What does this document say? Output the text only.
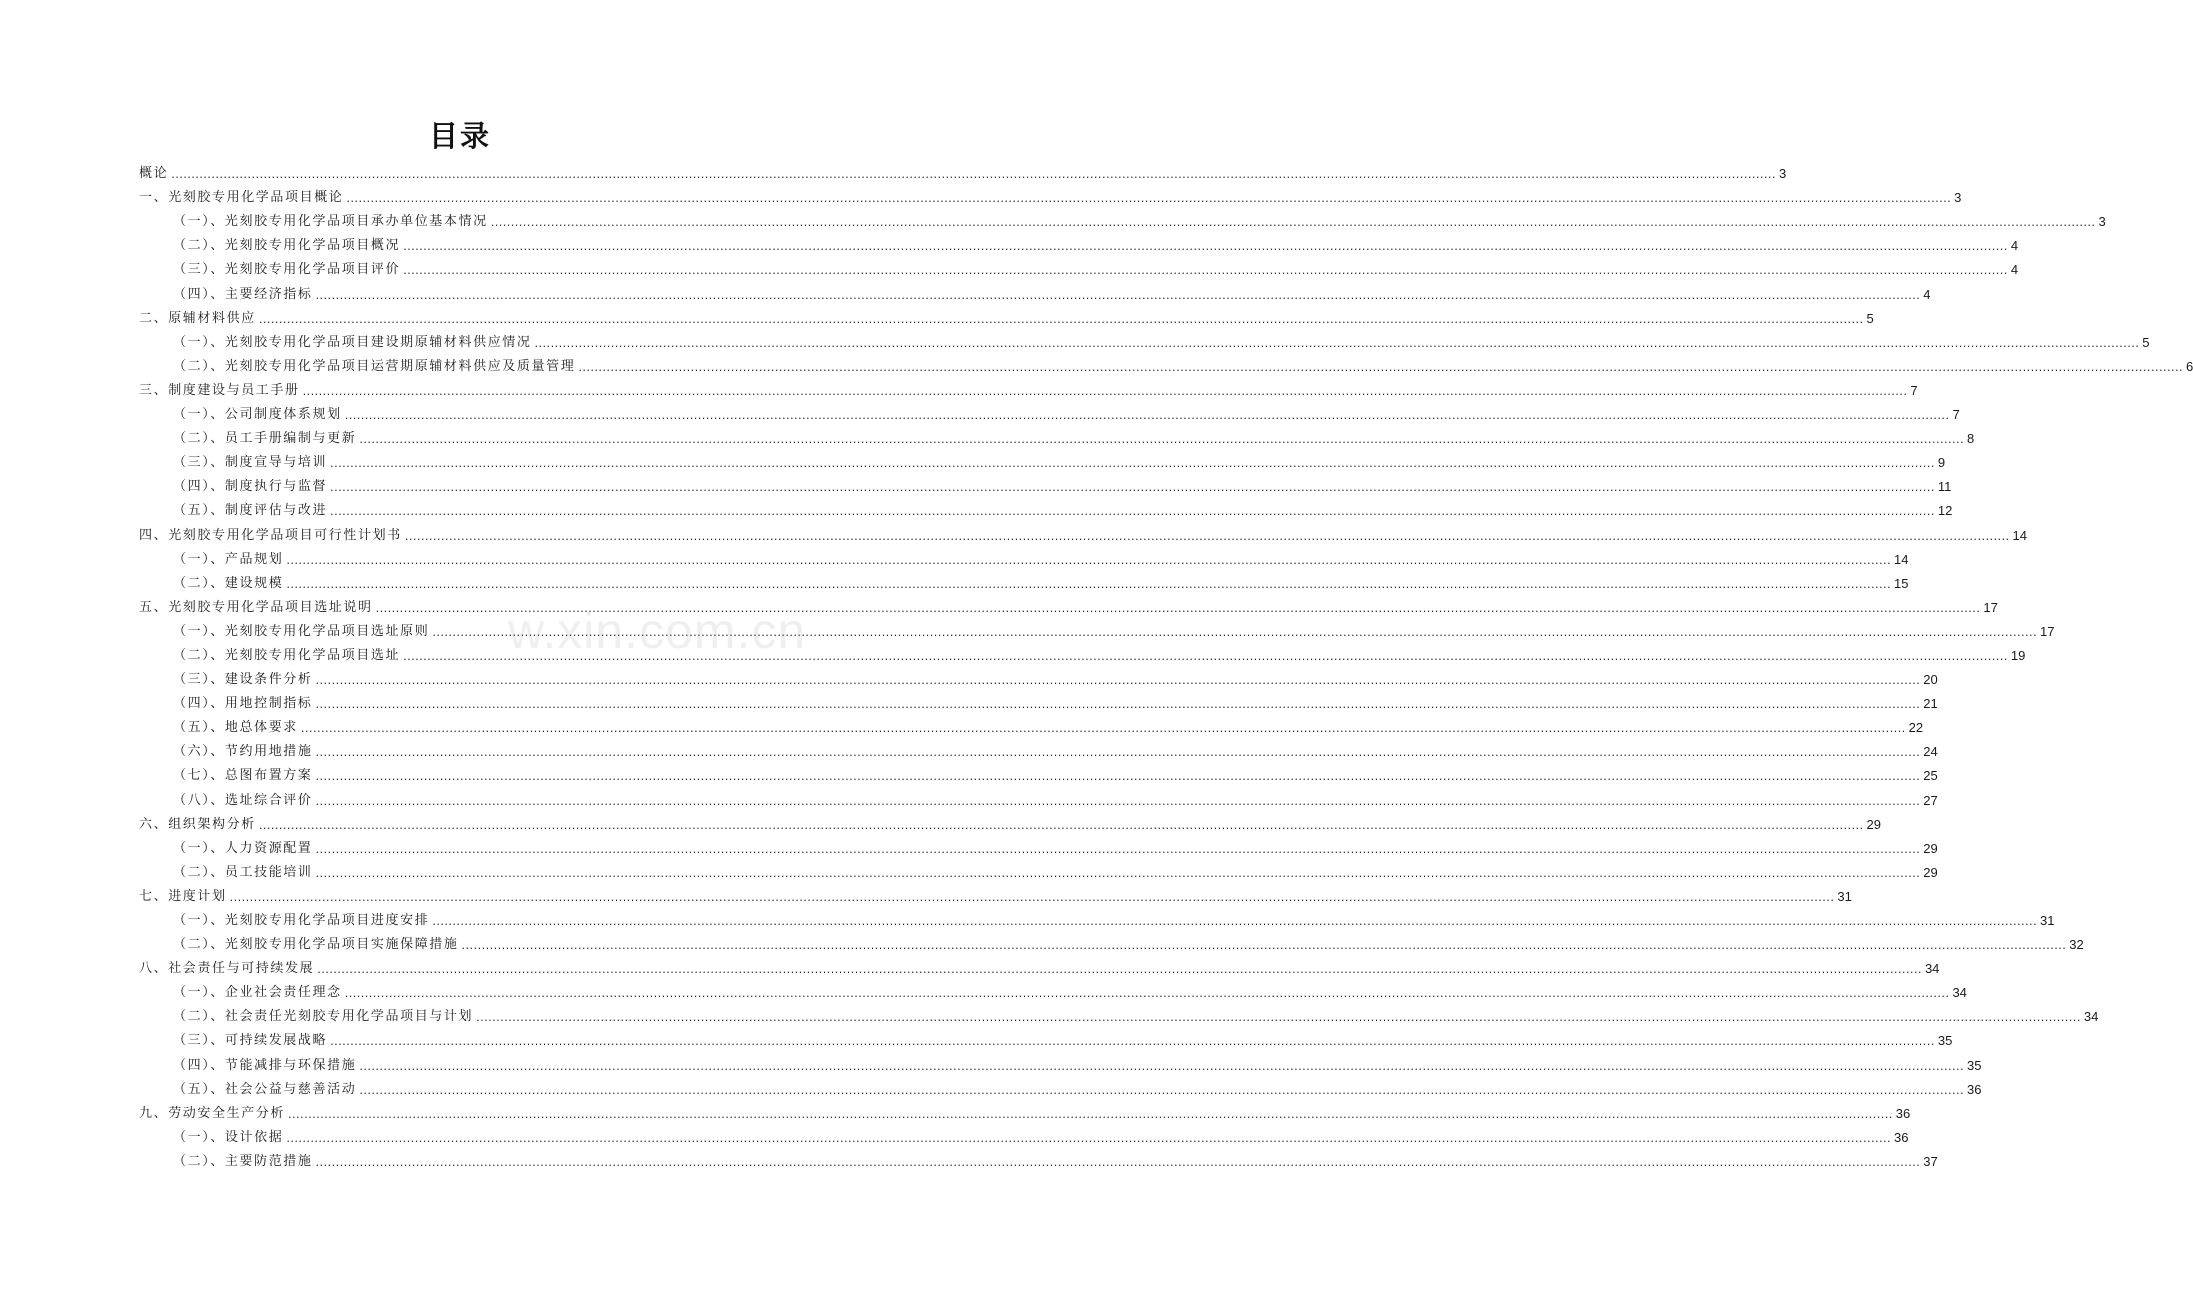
目录
概论 ................................................................................................................................................................................................................................................................................................................................................................................................................ 3
一、光刻胶专用化学品项目概论 ................................................................................................................................................................................................................................................................................................................................................................................................................ 3
（一）、光刻胶专用化学品项目承办单位基本情况 ................................................................................................................................................................................................................................................................................................................................................................................................................ 3
（二）、光刻胶专用化学品项目概况 ................................................................................................................................................................................................................................................................................................................................................................................................................ 4
（三）、光刻胶专用化学品项目评价 ................................................................................................................................................................................................................................................................................................................................................................................................................ 4
（四）、主要经济指标 ................................................................................................................................................................................................................................................................................................................................................................................................................ 4
二、原辅材料供应 ................................................................................................................................................................................................................................................................................................................................................................................................................ 5
（一）、光刻胶专用化学品项目建设期原辅材料供应情况 ................................................................................................................................................................................................................................................................................................................................................................................................................ 5
（二）、光刻胶专用化学品项目运营期原辅材料供应及质量管理 ................................................................................................................................................................................................................................................................................................................................................................................................................ 6
三、制度建设与员工手册 ................................................................................................................................................................................................................................................................................................................................................................................................................ 7
（一）、公司制度体系规划 ................................................................................................................................................................................................................................................................................................................................................................................................................ 7
（二）、员工手册编制与更新 ................................................................................................................................................................................................................................................................................................................................................................................................................ 8
（三）、制度宣导与培训 ................................................................................................................................................................................................................................................................................................................................................................................................................ 9
（四）、制度执行与监督 ................................................................................................................................................................................................................................................................................................................................................................................................................ 11
（五）、制度评估与改进 ................................................................................................................................................................................................................................................................................................................................................................................................................ 12
四、光刻胶专用化学品项目可行性计划书 ................................................................................................................................................................................................................................................................................................................................................................................................................ 14
（一）、产品规划 ................................................................................................................................................................................................................................................................................................................................................................................................................ 14
（二）、建设规模 ................................................................................................................................................................................................................................................................................................................................................................................................................ 15
五、光刻胶专用化学品项目选址说明 ................................................................................................................................................................................................................................................................................................................................................................................................................ 17
（一）、光刻胶专用化学品项目选址原则 ................................................................................................................................................................................................................................................................................................................................................................................................................ 17
（二）、光刻胶专用化学品项目选址 ................................................................................................................................................................................................................................................................................................................................................................................................................ 19
（三）、建设条件分析 ................................................................................................................................................................................................................................................................................................................................................................................................................ 20
（四）、用地控制指标 ................................................................................................................................................................................................................................................................................................................................................................................................................ 21
（五）、地总体要求 ................................................................................................................................................................................................................................................................................................................................................................................................................ 22
（六）、节约用地措施 ................................................................................................................................................................................................................................................................................................................................................................................................................ 24
（七）、总图布置方案 ................................................................................................................................................................................................................................................................................................................................................................................................................ 25
（八）、选址综合评价 ................................................................................................................................................................................................................................................................................................................................................................................................................ 27
六、组织架构分析 ................................................................................................................................................................................................................................................................................................................................................................................................................ 29
（一）、人力资源配置 ................................................................................................................................................................................................................................................................................................................................................................................................................ 29
（二）、员工技能培训 ................................................................................................................................................................................................................................................................................................................................................................................................................ 29
七、进度计划 ................................................................................................................................................................................................................................................................................................................................................................................................................ 31
（一）、光刻胶专用化学品项目进度安排 ................................................................................................................................................................................................................................................................................................................................................................................................................ 31
（二）、光刻胶专用化学品项目实施保障措施 ................................................................................................................................................................................................................................................................................................................................................................................................................ 32
八、社会责任与可持续发展 ................................................................................................................................................................................................................................................................................................................................................................................................................ 34
（一）、企业社会责任理念 ................................................................................................................................................................................................................................................................................................................................................................................................................ 34
（二）、社会责任光刻胶专用化学品项目与计划 ................................................................................................................................................................................................................................................................................................................................................................................................................ 34
（三）、可持续发展战略 ................................................................................................................................................................................................................................................................................................................................................................................................................ 35
（四）、节能减排与环保措施 ................................................................................................................................................................................................................................................................................................................................................................................................................ 35
（五）、社会公益与慈善活动 ................................................................................................................................................................................................................................................................................................................................................................................................................ 36
九、劳动安全生产分析 ................................................................................................................................................................................................................................................................................................................................................................................................................ 36
（一）、设计依据 ................................................................................................................................................................................................................................................................................................................................................................................................................ 36
（二）、主要防范措施 ................................................................................................................................................................................................................................................................................................................................................................................................................ 37
w.xin.com.cn
